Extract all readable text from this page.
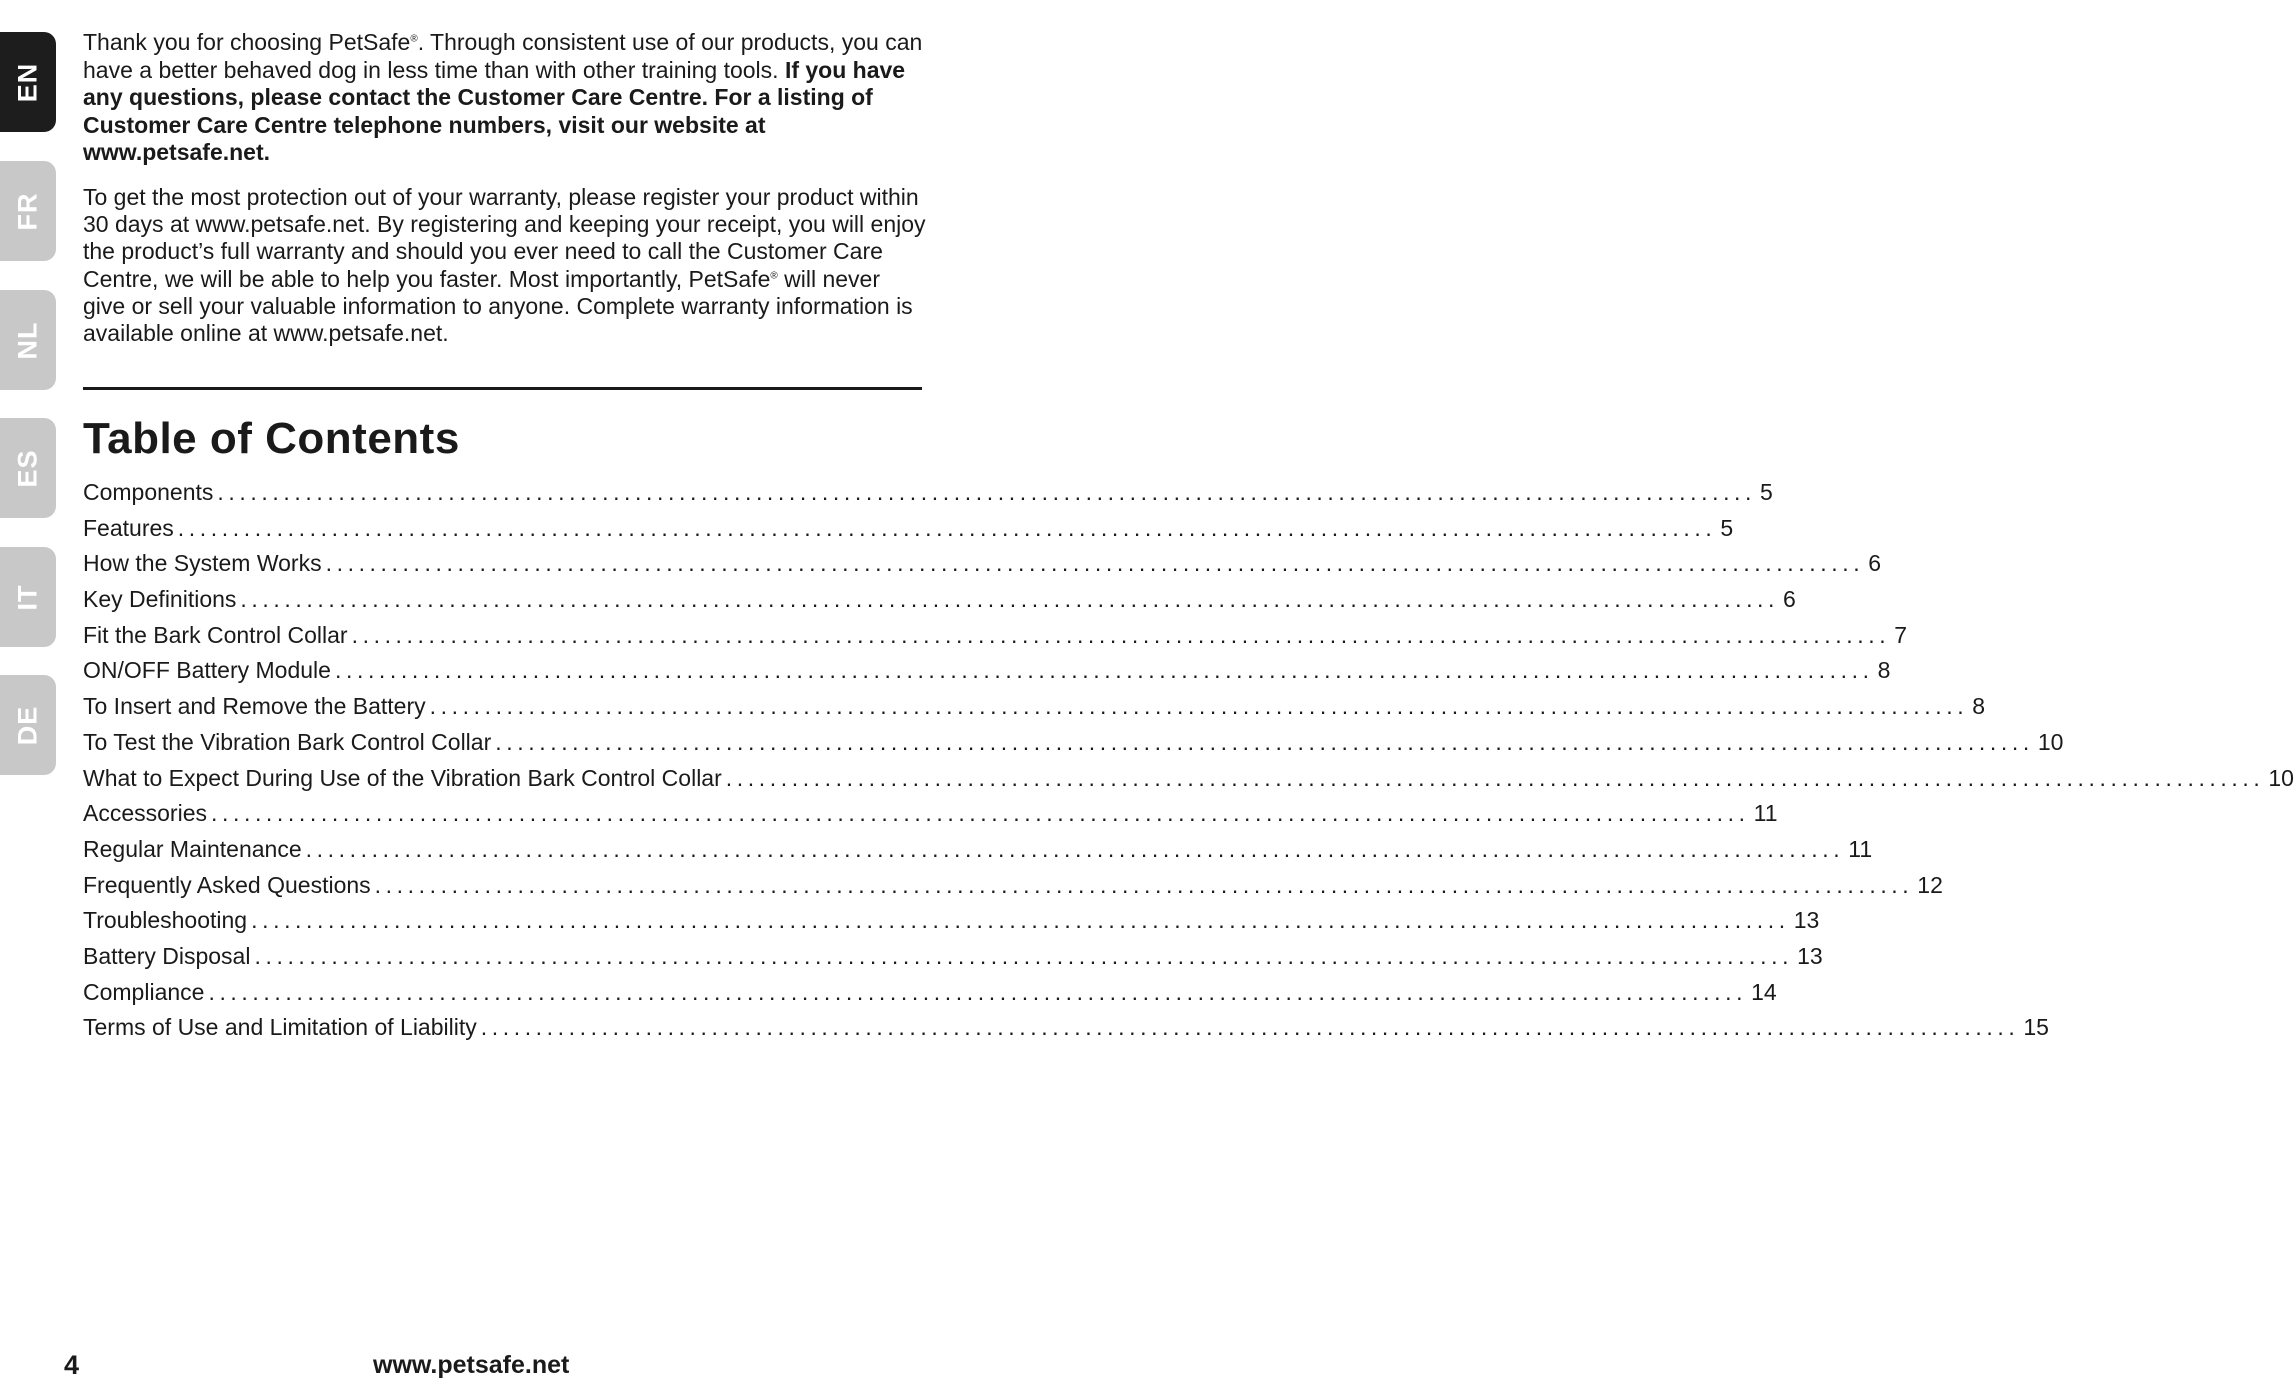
EN
FR
NL
ES
IT
DE

Thank you for choosing PetSafe®. Through consistent use of our products, you can have a better behaved dog in less time than with other training tools. If you have any questions, please contact the Customer Care Centre. For a listing of Customer Care Centre telephone numbers, visit our website at www.petsafe.net.

To get the most protection out of your warranty, please register your product within 30 days at www.petsafe.net. By registering and keeping your receipt, you will enjoy the product’s full warranty and should you ever need to call the Customer Care Centre, we will be able to help you faster. Most importantly, PetSafe® will never give or sell your valuable information to anyone. Complete warranty information is available online at www.petsafe.net.

Table of Contents
Components ............................................................................................................................................ 5
Features ............................................................................................................................................ 5
How the System Works ............................................................................................................................................ 6
Key Definitions ............................................................................................................................................ 6
Fit the Bark Control Collar ............................................................................................................................................ 7
ON/OFF Battery Module ............................................................................................................................................ 8
To Insert and Remove the Battery ............................................................................................................................................ 8
To Test the Vibration Bark Control Collar ............................................................................................................................................ 10
What to Expect During Use of the Vibration Bark Control Collar ............................................................................................................................................ 10
Accessories ............................................................................................................................................ 11
Regular Maintenance ............................................................................................................................................ 11
Frequently Asked Questions ............................................................................................................................................ 12
Troubleshooting ............................................................................................................................................ 13
Battery Disposal ............................................................................................................................................ 13
Compliance ............................................................................................................................................ 14
Terms of Use and Limitation of Liability ............................................................................................................................................ 15
4	www.petsafe.net
